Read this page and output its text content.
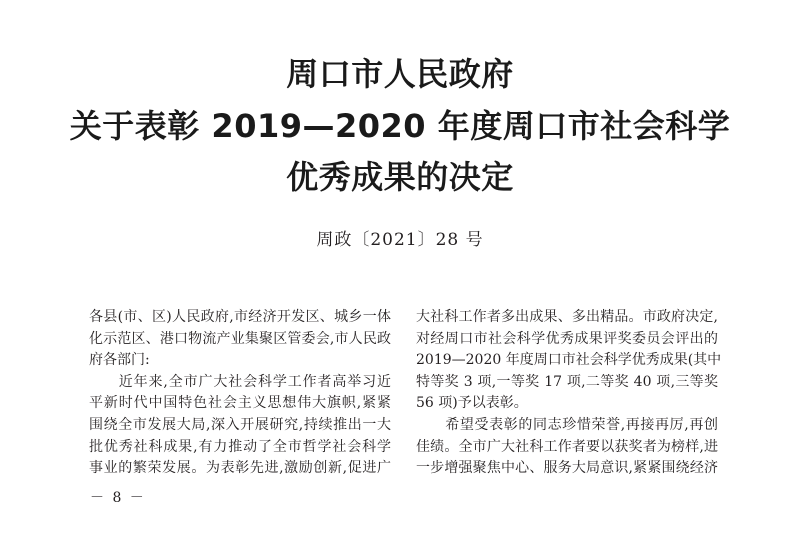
周口市人民政府
关于表彰 2019—2020 年度周口市社会科学
优秀成果的决定
周政〔2021〕28 号
各县(市、区)人民政府,市经济开发区、城乡一体
化示范区、港口物流产业集聚区管委会,市人民政
府各部门:
　　近年来,全市广大社会科学工作者高举习近
平新时代中国特色社会主义思想伟大旗帜,紧紧
围绕全市发展大局,深入开展研究,持续推出一大
批优秀社科成果,有力推动了全市哲学社会科学
事业的繁荣发展。为表彰先进,激励创新,促进广
大社科工作者多出成果、多出精品。市政府决定,
对经周口市社会科学优秀成果评奖委员会评出的
2019—2020 年度周口市社会科学优秀成果(其中
特等奖 3 项,一等奖 17 项,二等奖 40 项,三等奖
56 项)予以表彰。
　　希望受表彰的同志珍惜荣誉,再接再厉,再创
佳绩。全市广大社科工作者要以获奖者为榜样,进
一步增强聚焦中心、服务大局意识,紧紧围绕经济
－ 8 －
